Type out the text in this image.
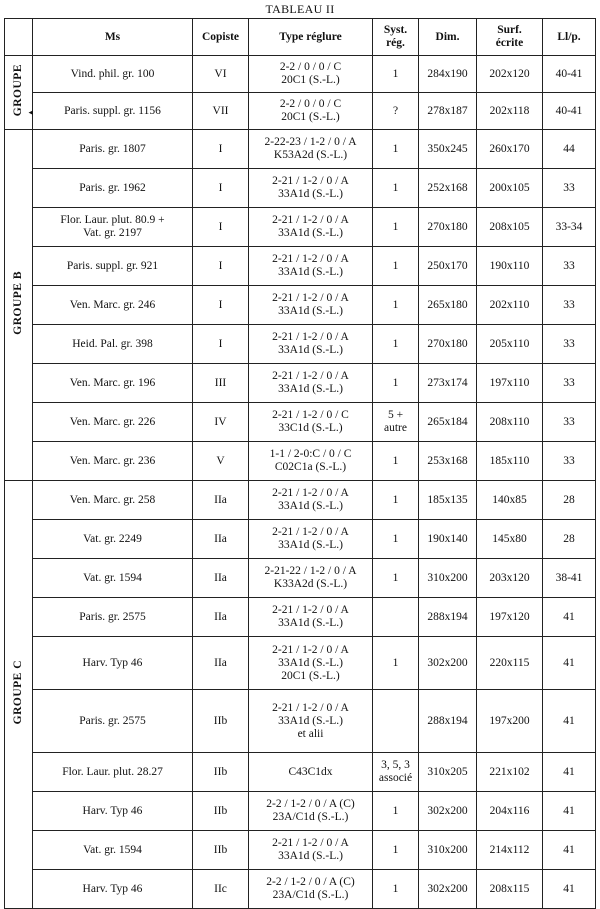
TABLEAU II
	Ms	Copiste	Type réglure	Syst.
rég.	Dim.	Surf.
écrite	Ll/p.
GROUPE ◂	Vind. phil. gr. 100	VI	2-2 / 0 / 0 / C
20C1 (S.-L.)	1	284x190	202x120	40-41
	Paris. suppl. gr. 1156	VII	2-2 / 0 / 0 / C
20C1 (S.-L.)	?	278x187	202x118	40-41
GROUPE B	Paris. gr. 1807	I	2-22-23 / 1-2 / 0 / A
K53A2d (S.-L.)	1	350x245	260x170	44
	Paris. gr. 1962	I	2-21 / 1-2 / 0 / A
33A1d (S.-L.)	1	252x168	200x105	33
	Flor. Laur. plut. 80.9 +
Vat. gr. 2197	I	2-21 / 1-2 / 0 / A
33A1d (S.-L.)	1	270x180	208x105	33-34
	Paris. suppl. gr. 921	I	2-21 / 1-2 / 0 / A
33A1d (S.-L.)	1	250x170	190x110	33
	Ven. Marc. gr. 246	I	2-21 / 1-2 / 0 / A
33A1d (S.-L.)	1	265x180	202x110	33
	Heid. Pal. gr. 398	I	2-21 / 1-2 / 0 / A
33A1d (S.-L.)	1	270x180	205x110	33
	Ven. Marc. gr. 196	III	2-21 / 1-2 / 0 / A
33A1d (S.-L.)	1	273x174	197x110	33
	Ven. Marc. gr. 226	IV	2-21 / 1-2 / 0 / C
33C1d (S.-L.)	5 +
autre	265x184	208x110	33
	Ven. Marc. gr. 236	V	1-1 / 2-0:C / 0 / C
C02C1a (S.-L.)	1	253x168	185x110	33
GROUPE C	Ven. Marc. gr. 258	IIa	2-21 / 1-2 / 0 / A
33A1d (S.-L.)	1	185x135	140x85	28
	Vat. gr. 2249	IIa	2-21 / 1-2 / 0 / A
33A1d (S.-L.)	1	190x140	145x80	28
	Vat. gr. 1594	IIa	2-21-22 / 1-2 / 0 / A
K33A2d (S.-L.)	1	310x200	203x120	38-41
	Paris. gr. 2575	IIa	2-21 / 1-2 / 0 / A
33A1d (S.-L.)		288x194	197x120	41
	Harv. Typ 46	IIa	2-21 / 1-2 / 0 / A
33A1d (S.-L.)
20C1 (S.-L.)	1	302x200	220x115	41
	Paris. gr. 2575	IIb	2-21 / 1-2 / 0 / A
33A1d (S.-L.)
et alii		288x194	197x200	41
	Flor. Laur. plut. 28.27	IIb	C43C1dx	3, 5, 3
associé	310x205	221x102	41
	Harv. Typ 46	IIb	2-2 / 1-2 / 0 / A (C)
23A/C1d (S.-L.)	1	302x200	204x116	41
	Vat. gr. 1594	IIb	2-21 / 1-2 / 0 / A
33A1d (S.-L.)	1	310x200	214x112	41
	Harv. Typ 46	IIc	2-2 / 1-2 / 0 / A (C)
23A/C1d (S.-L.)	1	302x200	208x115	41
